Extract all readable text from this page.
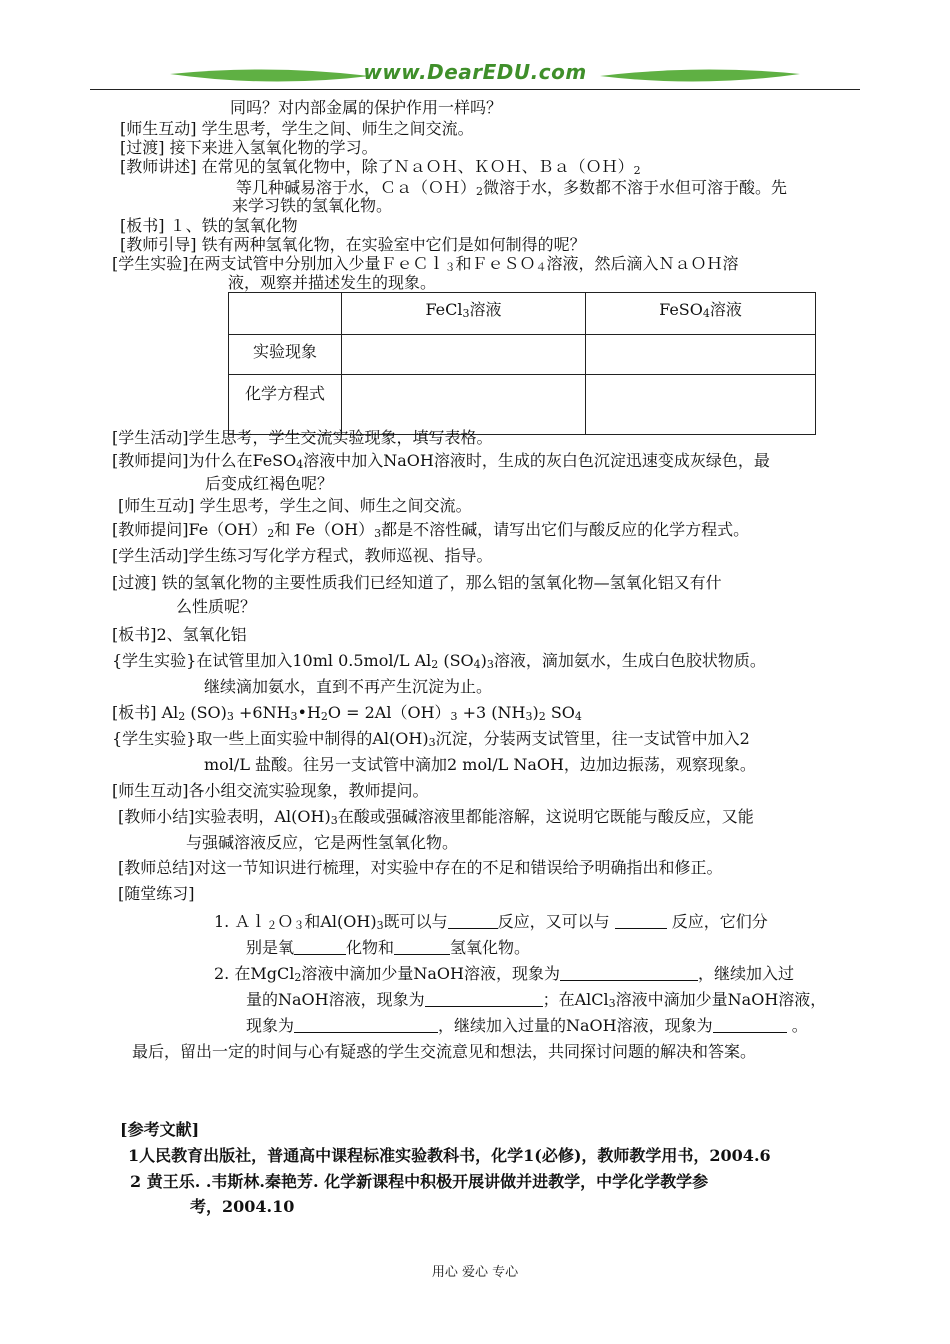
www.DearEDU.com
同吗？对内部金属的保护作用一样吗？
[师生互动] 学生思考，学生之间、师生之间交流。
[过渡] 接下来进入氢氧化物的学习。
[教师讲述] 在常见的氢氧化物中，除了ＮａＯＨ、ＫＯＨ、Ｂａ（ＯＨ）2
等几种碱易溶于水，Ｃａ（ＯＨ）2微溶于水，多数都不溶于水但可溶于酸。先
来学习铁的氢氧化物。
[板书] １、铁的氢氧化物
[教师引导] 铁有两种氢氧化物，在实验室中它们是如何制得的呢？
[学生实验]在两支试管中分别加入少量ＦｅＣｌ３和ＦｅＳＯ４溶液，然后滴入ＮａＯＨ溶
液，观察并描述发生的现象。
	FeCl3溶液	FeSO4溶液
实验现象		
化学方程式		
[学生活动]学生思考，学生交流实验现象，填写表格。
[教师提问]为什么在FeSO4溶液中加入NaOH溶液时，生成的灰白色沉淀迅速变成灰绿色，最
后变成红褐色呢？
[师生互动] 学生思考，学生之间、师生之间交流。
[教师提问]Fe（OH）2和 Fe（OH）3都是不溶性碱，请写出它们与酸反应的化学方程式。
[学生活动]学生练习写化学方程式，教师巡视、指导。
[过渡] 铁的氢氧化物的主要性质我们已经知道了，那么铝的氢氧化物—氢氧化铝又有什
么性质呢？
[板书]2、氢氧化铝
{学生实验}在试管里加入10ml 0.5mol/L Al2 (SO4)3溶液，滴加氨水，生成白色胶状物质。
继续滴加氨水，直到不再产生沉淀为止。
[板书] Al2 (SO)3 +6NH3•H2O = 2Al（OH）3 +3 (NH3)2 SO4
{学生实验}取一些上面实验中制得的Al(OH)3沉淀，分装两支试管里，往一支试管中加入2
mol/L 盐酸。往另一支试管中滴加2 mol/L NaOH，边加边振荡，观察现象。
[师生互动]各小组交流实验现象，教师提问。
[教师小结]实验表明，Al(OH)3在酸或强碱溶液里都能溶解，这说明它既能与酸反应，又能
与强碱溶液反应，它是两性氢氧化物。
[教师总结]对这一节知识进行梳理，对实验中存在的不足和错误给予明确指出和修正。
[随堂练习]
1. Ａｌ２Ｏ３和Al(OH)3既可以与	反应，又可以与	反应，它们分
别是氧	化物和	氢氧化物。
2. 在MgCl2溶液中滴加少量NaOH溶液，现象为	，继续加入过
量的NaOH溶液，现象为	；在AlCl3溶液中滴加少量NaOH溶液，
现象为	，继续加入过量的NaOH溶液，现象为	。
最后，留出一定的时间与心有疑惑的学生交流意见和想法，共同探讨问题的解决和答案。
[参考文献]
1人民教育出版社，普通高中课程标准实验教科书，化学1(必修)，教师教学用书，2004.6
2 黄王乐. .韦斯林.秦艳芳. 化学新课程中积极开展讲做并进教学，中学化学教学参
考，2004.10
用心 爱心 专心
